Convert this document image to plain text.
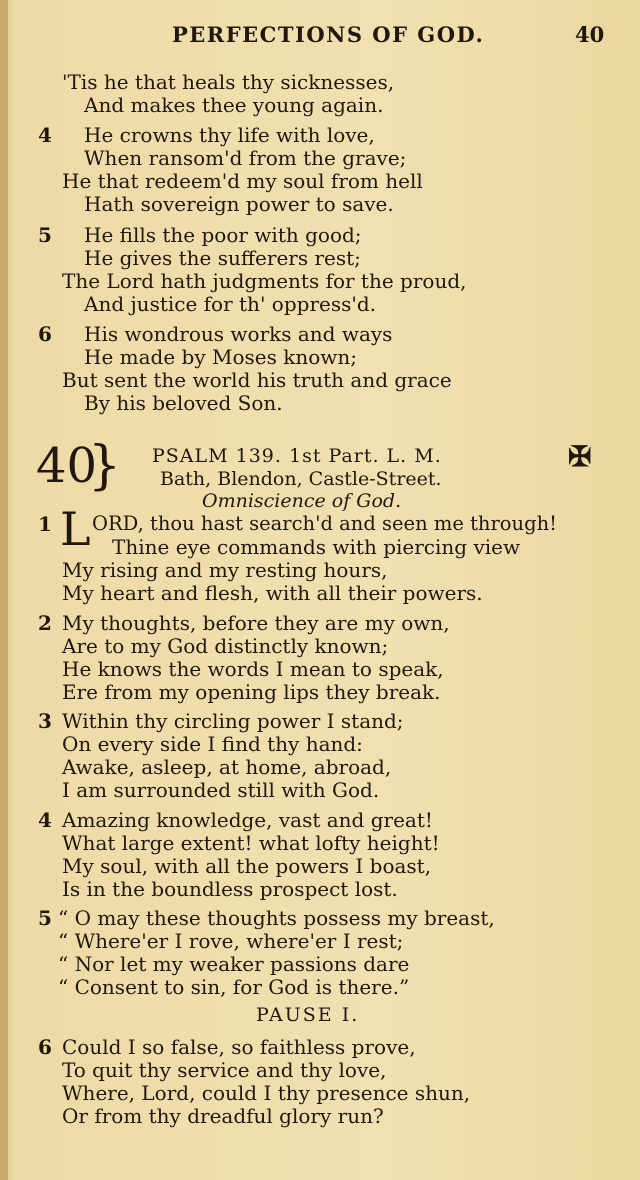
PERFECTIONS OF GOD.	40
'Tis he that heals thy sicknesses,
And makes thee young again.
4 He crowns thy life with love,
When ransom'd from the grave;
He that redeem'd my soul from hell
Hath sovereign power to save.
5 He fills the poor with good;
He gives the sufferers rest;
The Lord hath judgments for the proud,
And justice for th' oppress'd.
6 His wondrous works and ways
He made by Moses known;
But sent the world his truth and grace
By his beloved Son.
40
} PSALM 139. 1st Part. L. M.
Bath, Blendon, Castle-Street.
Omniscience of God.
✠
1 L ORD, thou hast search'd and seen me through!
Thine eye commands with piercing view
My rising and my resting hours,
My heart and flesh, with all their powers.
2 My thoughts, before they are my own,
Are to my God distinctly known;
He knows the words I mean to speak,
Ere from my opening lips they break.
3 Within thy circling power I stand;
On every side I find thy hand:
Awake, asleep, at home, abroad,
I am surrounded still with God.
4 Amazing knowledge, vast and great!
What large extent! what lofty height!
My soul, with all the powers I boast,
Is in the boundless prospect lost.
5 “ O may these thoughts possess my breast,
“ Where'er I rove, where'er I rest;
“ Nor let my weaker passions dare
“ Consent to sin, for God is there.”
PAUSE I.
6 Could I so false, so faithless prove,
To quit thy service and thy love,
Where, Lord, could I thy presence shun,
Or from thy dreadful glory run?
